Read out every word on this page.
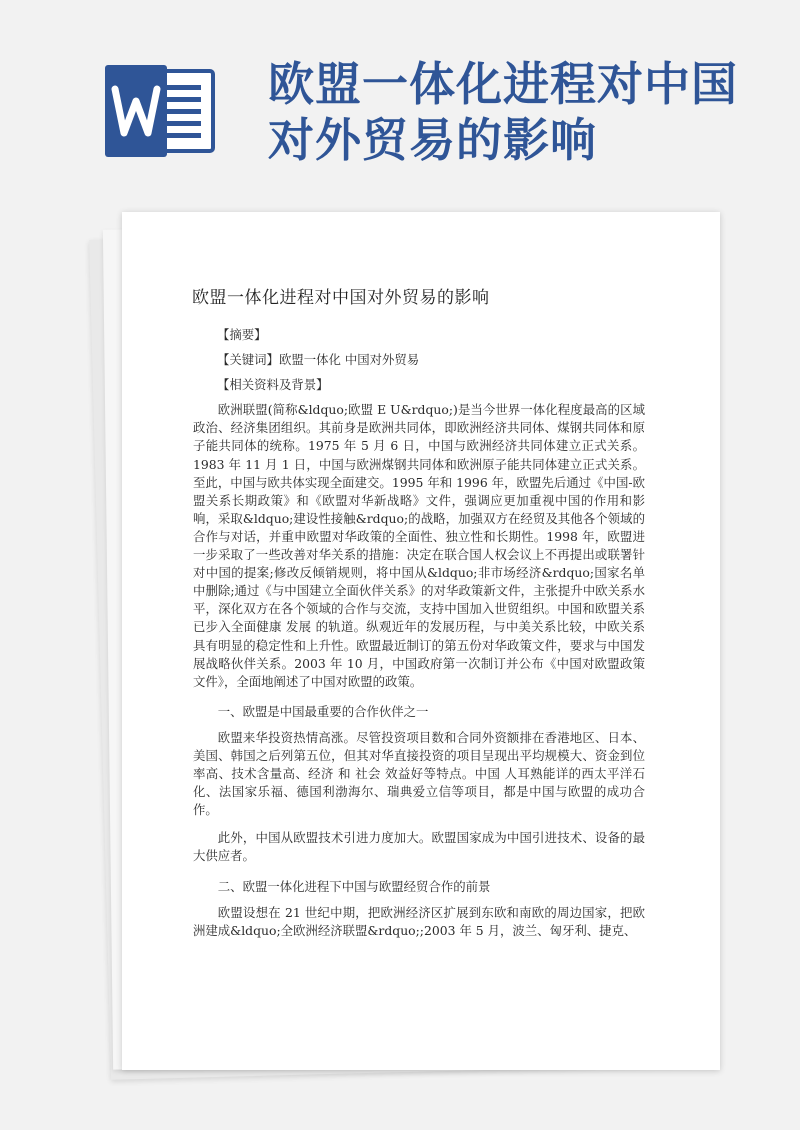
欧盟一体化进程对中国对外贸易的影响
欧盟一体化进程对中国对外贸易的影响

【摘要】

【关键词】欧盟一体化 中国对外贸易

【相关资料及背景】

欧洲联盟(简称&ldquo;欧盟 E U&rdquo;)是当今世界一体化程度最高的区域政治、经济集团组织。其前身是欧洲共同体，即欧洲经济共同体、煤钢共同体和原子能共同体的统称。1975 年 5 月 6 日，中国与欧洲经济共同体建立正式关系。1983 年 11 月 1 日，中国与欧洲煤钢共同体和欧洲原子能共同体建立正式关系。至此，中国与欧共体实现全面建交。1995 年和 1996 年，欧盟先后通过《中国-欧盟关系长期政策》和《欧盟对华新战略》文件，强调应更加重视中国的作用和影响，采取&ldquo;建设性接触&rdquo;的战略，加强双方在经贸及其他各个领域的合作与对话，并重申欧盟对华政策的全面性、独立性和长期性。1998 年，欧盟进一步采取了一些改善对华关系的措施：决定在联合国人权会议上不再提出或联署针对中国的提案;修改反倾销规则，将中国从&ldquo;非市场经济&rdquo;国家名单中删除;通过《与中国建立全面伙伴关系》的对华政策新文件，主张提升中欧关系水平，深化双方在各个领域的合作与交流，支持中国加入世贸组织。中国和欧盟关系已步入全面健康 发展 的轨道。纵观近年的发展历程，与中美关系比较，中欧关系具有明显的稳定性和上升性。欧盟最近制订的第五份对华政策文件，要求与中国发展战略伙伴关系。2003 年 10 月，中国政府第一次制订并公布《中国对欧盟政策文件》，全面地阐述了中国对欧盟的政策。

一、欧盟是中国最重要的合作伙伴之一

欧盟来华投资热情高涨。尽管投资项目数和合同外资额排在香港地区、日本、美国、韩国之后列第五位，但其对华直接投资的项目呈现出平均规模大、资金到位率高、技术含量高、经济 和 社会 效益好等特点。中国 人耳熟能详的西太平洋石化、法国家乐福、德国利渤海尔、瑞典爱立信等项目，都是中国与欧盟的成功合作。

此外，中国从欧盟技术引进力度加大。欧盟国家成为中国引进技术、设备的最大供应者。

二、欧盟一体化进程下中国与欧盟经贸合作的前景

欧盟设想在 21 世纪中期，把欧洲经济区扩展到东欧和南欧的周边国家，把欧洲建成&ldquo;全欧洲经济联盟&rdquo;;2003 年 5 月，波兰、匈牙利、捷克、
